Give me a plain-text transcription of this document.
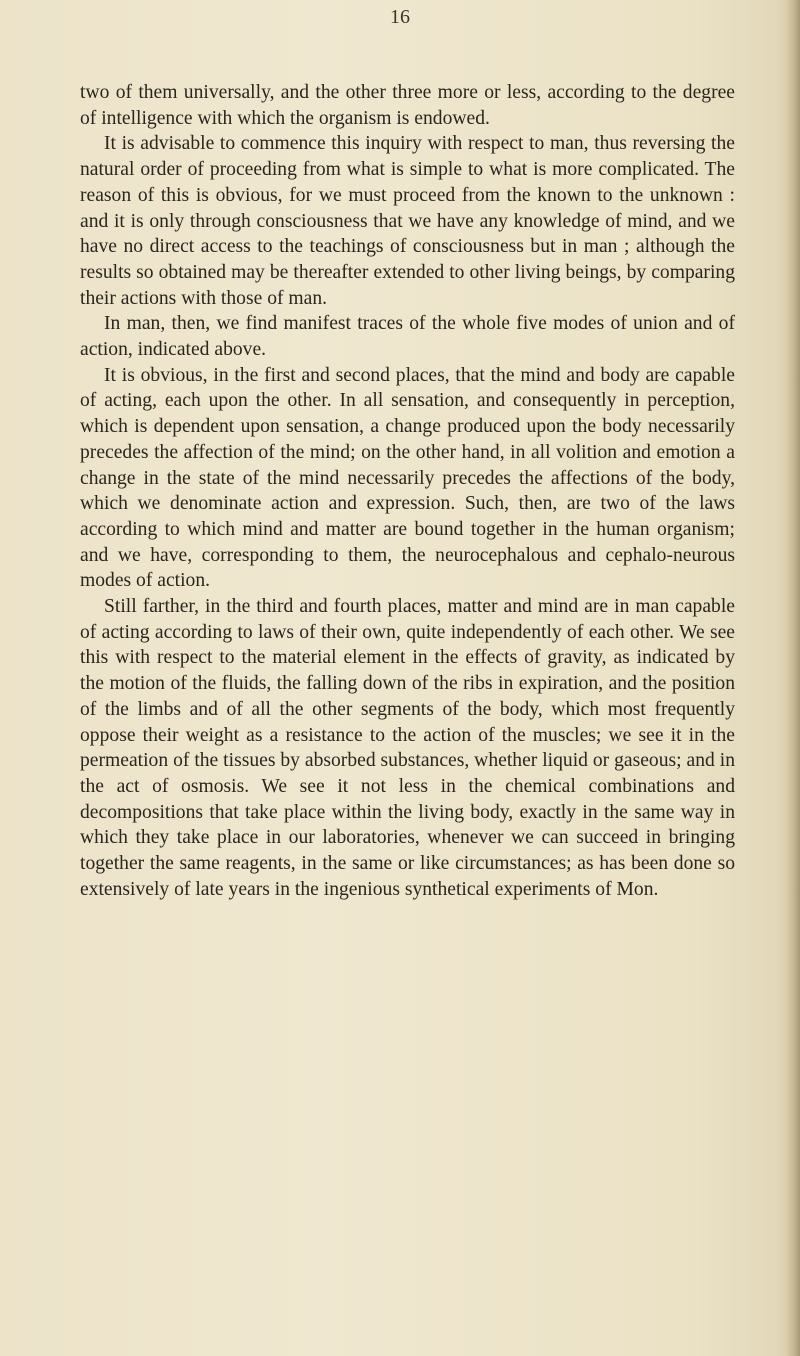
16

two of them universally, and the other three more or less, according to the degree of intelligence with which the organism is endowed.

It is advisable to commence this inquiry with respect to man, thus reversing the natural order of proceeding from what is simple to what is more complicated. The reason of this is obvious, for we must proceed from the known to the unknown : and it is only through consciousness that we have any knowledge of mind, and we have no direct access to the teachings of consciousness but in man ; although the results so obtained may be thereafter extended to other living beings, by comparing their actions with those of man.

In man, then, we find manifest traces of the whole five modes of union and of action, indicated above.

It is obvious, in the first and second places, that the mind and body are capable of acting, each upon the other. In all sensation, and consequently in perception, which is dependent upon sensation, a change produced upon the body necessarily precedes the affection of the mind; on the other hand, in all volition and emotion a change in the state of the mind necessarily precedes the affections of the body, which we denominate action and expression. Such, then, are two of the laws according to which mind and matter are bound together in the human organism; and we have, corresponding to them, the neurocephalous and cephalo-neurous modes of action.

Still farther, in the third and fourth places, matter and mind are in man capable of acting according to laws of their own, quite independently of each other. We see this with respect to the material element in the effects of gravity, as indicated by the motion of the fluids, the falling down of the ribs in expiration, and the position of the limbs and of all the other segments of the body, which most frequently oppose their weight as a resistance to the action of the muscles; we see it in the permeation of the tissues by absorbed substances, whether liquid or gaseous; and in the act of osmosis. We see it not less in the chemical combinations and decompositions that take place within the living body, exactly in the same way in which they take place in our laboratories, whenever we can succeed in bringing together the same reagents, in the same or like circumstances; as has been done so extensively of late years in the ingenious synthetical experiments of Mon.
